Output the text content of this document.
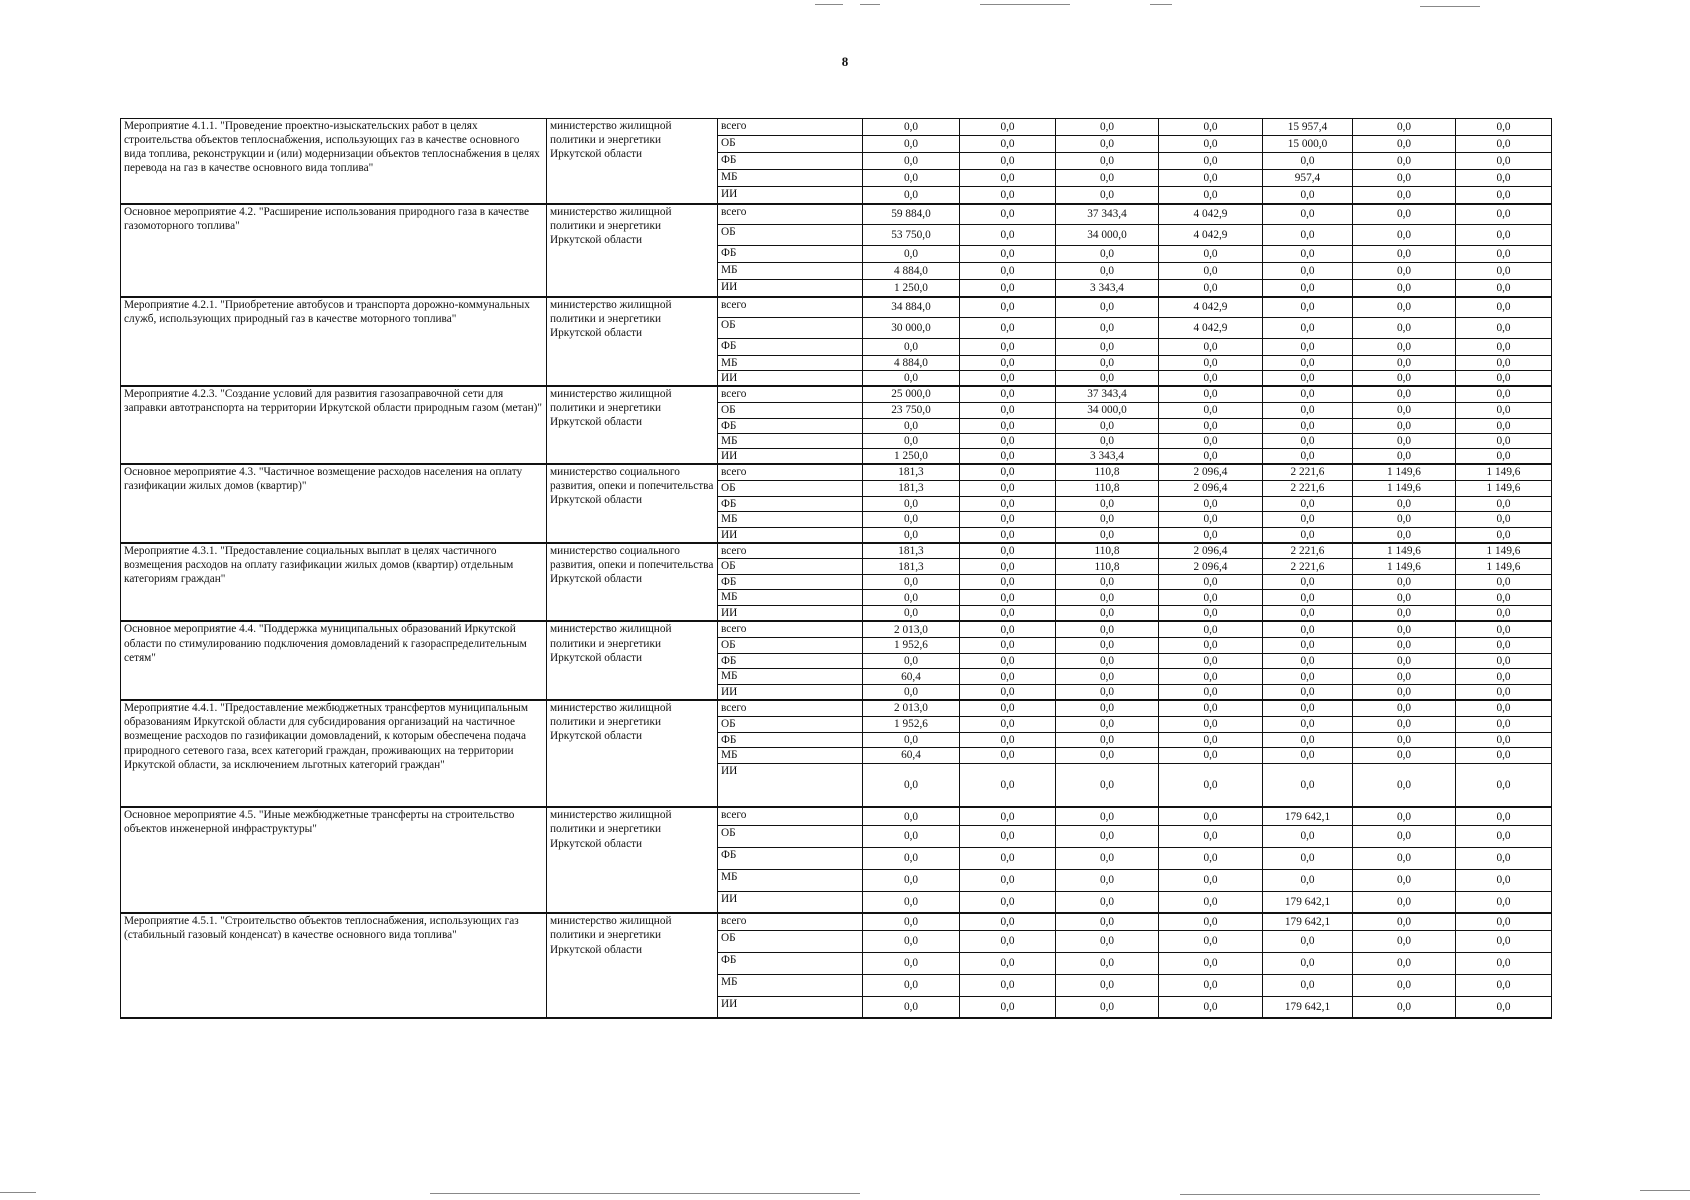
8
Мероприятие 4.1.1. "Проведение проектно-изыскательских работ в целях строительства объектов теплоснабжения, использующих газ в качестве основного вида топлива, реконструкции и (или) модернизации объектов теплоснабжения в целях перевода на газ в качестве основного вида топлива"	министерство жилищной политики и энергетики Иркутской области	всего	0,0	0,0	0,0	0,0	15 957,4	0,0	0,0
		ОБ	0,0	0,0	0,0	0,0	15 000,0	0,0	0,0
		ФБ	0,0	0,0	0,0	0,0	0,0	0,0	0,0
		МБ	0,0	0,0	0,0	0,0	957,4	0,0	0,0
		ИИ	0,0	0,0	0,0	0,0	0,0	0,0	0,0
Основное мероприятие 4.2. "Расширение использования природного газа в качестве газомоторного топлива"	министерство жилищной политики и энергетики Иркутской области	всего	59 884,0	0,0	37 343,4	4 042,9	0,0	0,0	0,0
		ОБ	53 750,0	0,0	34 000,0	4 042,9	0,0	0,0	0,0
		ФБ	0,0	0,0	0,0	0,0	0,0	0,0	0,0
		МБ	4 884,0	0,0	0,0	0,0	0,0	0,0	0,0
		ИИ	1 250,0	0,0	3 343,4	0,0	0,0	0,0	0,0
Мероприятие 4.2.1. "Приобретение автобусов и транспорта дорожно-коммунальных служб, использующих природный газ в качестве моторного топлива"	министерство жилищной политики и энергетики Иркутской области	всего	34 884,0	0,0	0,0	4 042,9	0,0	0,0	0,0
		ОБ	30 000,0	0,0	0,0	4 042,9	0,0	0,0	0,0
		ФБ	0,0	0,0	0,0	0,0	0,0	0,0	0,0
		МБ	4 884,0	0,0	0,0	0,0	0,0	0,0	0,0
		ИИ	0,0	0,0	0,0	0,0	0,0	0,0	0,0
Мероприятие 4.2.3. "Создание условий для развития газозаправочной сети для заправки автотранспорта на территории Иркутской области природным газом (метан)"	министерство жилищной политики и энергетики Иркутской области	всего	25 000,0	0,0	37 343,4	0,0	0,0	0,0	0,0
		ОБ	23 750,0	0,0	34 000,0	0,0	0,0	0,0	0,0
		ФБ	0,0	0,0	0,0	0,0	0,0	0,0	0,0
		МБ	0,0	0,0	0,0	0,0	0,0	0,0	0,0
		ИИ	1 250,0	0,0	3 343,4	0,0	0,0	0,0	0,0
Основное мероприятие 4.3. "Частичное возмещение расходов населения на оплату газификации жилых домов (квартир)"	министерство социального развития, опеки и попечительства Иркутской области	всего	181,3	0,0	110,8	2 096,4	2 221,6	1 149,6	1 149,6
		ОБ	181,3	0,0	110,8	2 096,4	2 221,6	1 149,6	1 149,6
		ФБ	0,0	0,0	0,0	0,0	0,0	0,0	0,0
		МБ	0,0	0,0	0,0	0,0	0,0	0,0	0,0
		ИИ	0,0	0,0	0,0	0,0	0,0	0,0	0,0
Мероприятие 4.3.1. "Предоставление социальных выплат в целях частичного возмещения расходов на оплату газификации жилых домов (квартир) отдельным категориям граждан"	министерство социального развития, опеки и попечительства Иркутской области	всего	181,3	0,0	110,8	2 096,4	2 221,6	1 149,6	1 149,6
		ОБ	181,3	0,0	110,8	2 096,4	2 221,6	1 149,6	1 149,6
		ФБ	0,0	0,0	0,0	0,0	0,0	0,0	0,0
		МБ	0,0	0,0	0,0	0,0	0,0	0,0	0,0
		ИИ	0,0	0,0	0,0	0,0	0,0	0,0	0,0
Основное мероприятие 4.4. "Поддержка муниципальных образований Иркутской области по стимулированию подключения домовладений к газораспределительным сетям"	министерство жилищной политики и энергетики Иркутской области	всего	2 013,0	0,0	0,0	0,0	0,0	0,0	0,0
		ОБ	1 952,6	0,0	0,0	0,0	0,0	0,0	0,0
		ФБ	0,0	0,0	0,0	0,0	0,0	0,0	0,0
		МБ	60,4	0,0	0,0	0,0	0,0	0,0	0,0
		ИИ	0,0	0,0	0,0	0,0	0,0	0,0	0,0
Мероприятие 4.4.1. "Предоставление межбюджетных трансфертов муниципальным образованиям Иркутской области для субсидирования организаций на частичное возмещение расходов по газификации домовладений, к которым обеспечена подача природного сетевого газа, всех категорий граждан, проживающих на территории Иркутской области, за исключением льготных категорий граждан"	министерство жилищной политики и энергетики Иркутской области	всего	2 013,0	0,0	0,0	0,0	0,0	0,0	0,0
		ОБ	1 952,6	0,0	0,0	0,0	0,0	0,0	0,0
		ФБ	0,0	0,0	0,0	0,0	0,0	0,0	0,0
		МБ	60,4	0,0	0,0	0,0	0,0	0,0	0,0
		ИИ	0,0	0,0	0,0	0,0	0,0	0,0	0,0
Основное мероприятие 4.5. "Иные межбюджетные трансферты на строительство объектов инженерной инфраструктуры"	министерство жилищной политики и энергетики Иркутской области	всего	0,0	0,0	0,0	0,0	179 642,1	0,0	0,0
		ОБ	0,0	0,0	0,0	0,0	0,0	0,0	0,0
		ФБ	0,0	0,0	0,0	0,0	0,0	0,0	0,0
		МБ	0,0	0,0	0,0	0,0	0,0	0,0	0,0
		ИИ	0,0	0,0	0,0	0,0	179 642,1	0,0	0,0
Мероприятие 4.5.1. "Строительство объектов теплоснабжения, использующих газ (стабильный газовый конденсат) в качестве основного вида топлива"	министерство жилищной политики и энергетики Иркутской области	всего	0,0	0,0	0,0	0,0	179 642,1	0,0	0,0
		ОБ	0,0	0,0	0,0	0,0	0,0	0,0	0,0
		ФБ	0,0	0,0	0,0	0,0	0,0	0,0	0,0
		МБ	0,0	0,0	0,0	0,0	0,0	0,0	0,0
		ИИ	0,0	0,0	0,0	0,0	179 642,1	0,0	0,0
